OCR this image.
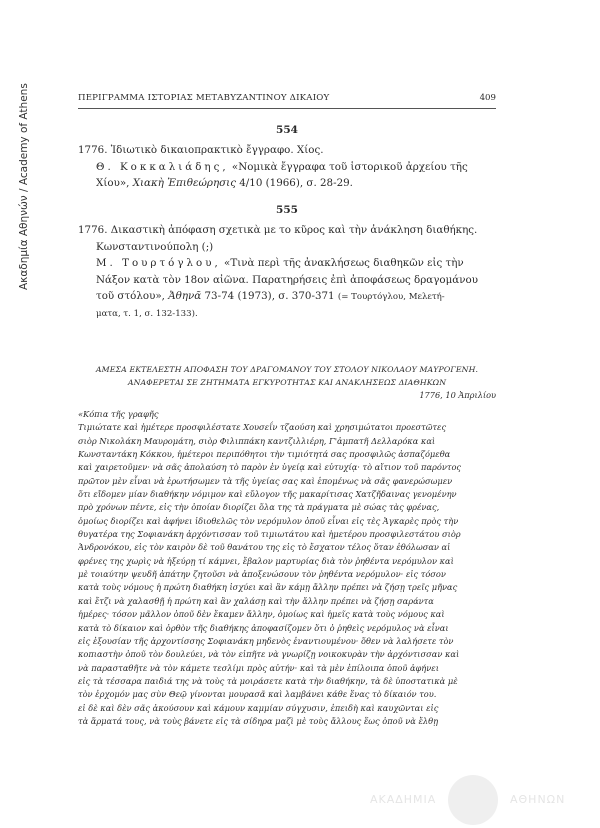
Ακαδημία Αθηνών / Academy of Athens	ΠΕΡΙΓΡΑΜΜΑ ΙΣΤΟΡΙΑΣ ΜΕΤΑΒΥΖΑΝΤΙΝΟΥ ΔΙΚΑΙΟΥ	409
554
1776. Ἰδιωτικὸ δικαιοπρακτικὸ ἔγγραφο. Χίος.
Θ. Κοκκαλιάδης, «Νομικὰ ἔγγραφα τοῦ ἱστορικοῦ ἀρχείου τῆς
Χίου», Χιακὴ Ἐπιθεώρησις 4/10 (1966), σ. 28-29.
555
1776. Δικαστικὴ ἀπόφαση σχετικὰ με το κῦρος καὶ τὴν ἀνάκληση διαθήκης.
Κωνσταντινούπολη (;)
Μ. Τουρτόγλου, «Τινὰ περὶ τῆς ἀνακλήσεως διαθηκῶν εἰς τὴν
Νάξον κατὰ τὸν 18ον αἰῶνα. Παρατηρήσεις ἐπὶ ἀποφάσεως δραγομάνου
τοῦ στόλου», Ἀθηνᾶ 73-74 (1973), σ. 370-371 (= Τουρτόγλου, Μελετή-
ματα, τ. 1, σ. 132-133).
ΑΜΕΣΑ ΕΚΤΕΛΕΣΤΗ ΑΠΟΦΑΣΗ ΤΟΥ ΔΡΑΓΟΜΑΝΟΥ ΤΟΥ ΣΤΟΛΟΥ ΝΙΚΟΛΑΟΥ ΜΑΥΡΟΓΕΝΗ.
ΑΝΑΦΕΡΕΤΑΙ ΣΕ ΖΗΤΗΜΑΤΑ ΕΓΚΥΡΟΤΗΤΑΣ ΚΑΙ ΑΝΑΚΛΗΣΕΩΣ ΔΙΑΘΗΚΩΝ
1776, 10 Ἀπριλίου
«Κόπια τῆς γραφῆς
Τιμιώτατε καὶ ἡμέτερε προσφιλέστατε Χουσεΐν τζαούση καὶ χρησιμώτατοι προεστῶτες
σιὸρ Νικολάκη Μαυρομάτη, σιὸρ Φιλιππάκη καντζιλλιέρη, Γ'ἀμπατῆ Δελλαρόκα καὶ
Κωνσταντάκη Κόκκου, ἡμέτεροι περιπόθητοι τὴν τιμιότητά σας προσφιλῶς ἀσπαζόμεθα
καὶ χαιρετοῦμεν· νὰ σᾶς ἀπολαύση τὸ παρὸν ἐν ὑγείᾳ καὶ εὐτυχίᾳ· τὸ αἴτιον τοῦ παρόντος
πρῶτον μὲν εἶναι νὰ ἐρωτήσωμεν τὰ τῆς ὑγείας σας καὶ ἑπομένως νὰ σᾶς φανερώσωμεν
ὅτι εἴδομεν μίαν διαθήκην νόμιμον καὶ εὔλογον τῆς μακαρίτισας Χατζῆδαινας γενομένην
πρὸ χρόνων πέντε, εἰς τὴν ὁποίαν διορίζει ὅλα της τὰ πράγματα μὲ σώας τὰς φρένας,
ὁμοίως διορίζει καὶ ἀφήνει ἰδιοθελῶς τὸν νερόμυλον ὁποῦ εἶναι εἰς τὲς Ἀγκαρὲς πρὸς τὴν
θυγατέρα της Σοφιανάκη ἀρχόντισσαν τοῦ τιμιωτάτου καὶ ἡμετέρου προσφιλεστάτου σιὸρ
Ἀνδρονόκου, εἰς τὸν καιρὸν δὲ τοῦ θανάτου της εἰς τὸ ἔσχατον τέλος ὅταν ἐθόλωσαν αἱ
φρένες της χωρὶς νὰ ἠξεύρῃ τί κάμνει, ἔβαλον μαρτυρίας διὰ τὸν ῥηθέντα νερόμυλον καὶ
μὲ τοιαύτην ψευδῆ ἀπάτην ζητοῦσι νὰ ἀποξενώσουν τὸν ῥηθέντα νερόμυλον· εἰς τόσον
κατὰ τοὺς νόμους ἡ πρώτη διαθήκη ἰσχύει καὶ ἂν κάμῃ ἄλλην πρέπει νὰ ζήσῃ τρεῖς μῆνας
καὶ ἔτζι νὰ χαλασθῇ ἡ πρώτη καὶ ἂν χαλάσῃ καὶ τὴν ἄλλην πρέπει νὰ ζήσῃ σαράντα
ἡμέρες· τόσον μᾶλλον ὁποῦ δὲν ἔκαμεν ἄλλην, ὁμοίως καὶ ἡμεῖς κατὰ τοὺς νόμους καὶ
κατὰ τὸ δίκαιον καὶ ὀρθὸν τῆς διαθήκης ἀποφασίζομεν ὅτι ὁ ῥηθεὶς νερόμυλος νὰ εἶναι
εἰς ἐξουσίαν τῆς ἀρχοντίσσης Σοφιανάκη μηδενὸς ἐναντιουμένου· ὅθεν νὰ λαλήσετε τὸν
κοπιαστὴν ὁποῦ τὸν δουλεύει, νὰ τὸν εἰπῆτε νὰ γνωρίζῃ νοικοκυρὰν τὴν ἀρχόντισσαν καὶ
νὰ παρασταθῆτε νὰ τὸν κάμετε τεσλίμι πρὸς αὐτήν· καὶ τὰ μὲν ἐπίλοιπα ὁποῦ ἀφήνει
εἰς τὰ τέσσαρα παιδιά της νὰ τοὺς τὰ μοιράσετε κατὰ τὴν διαθήκην, τὰ δὲ ὑποστατικὰ μὲ
τὸν ἐρχομόν μας σὺν Θεῷ γίνονται μουρασᾶ καὶ λαμβάνει κάθε ἕνας τὸ δίκαιόν του.
εἰ δὲ καὶ δὲν σᾶς ἀκούσουν καὶ κάμουν καμμίαν σύγχυσιν, ἐπειδὴ καὶ καυχῶνται εἰς
τὰ ἅρματά τους, νὰ τοὺς βάνετε εἰς τὰ σίδηρα μαζὶ μὲ τοὺς ἄλλους ἕως ὁποῦ νὰ ἔλθῃ
ΑΚΑΔΗΜΙΑ	ΑΘΗΝΩΝ
